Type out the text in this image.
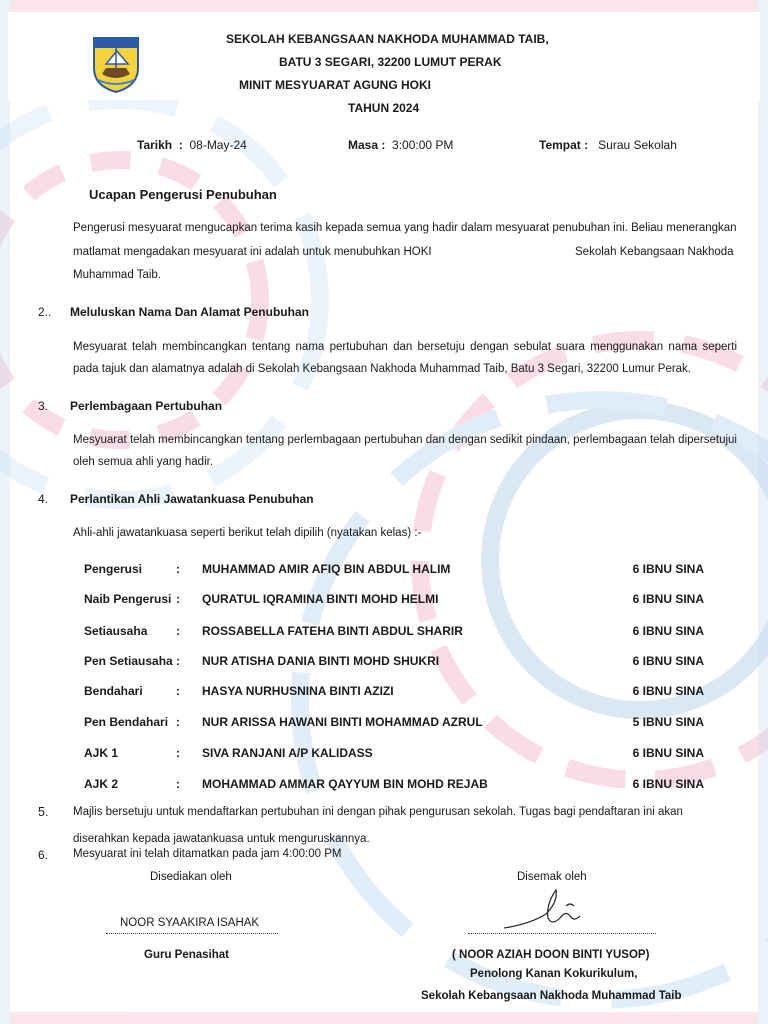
SEKOLAH KEBANGSAAN NAKHODA MUHAMMAD TAIB,
BATU 3 SEGARI, 32200 LUMUT PERAK
MINIT MESYUARAT AGUNG HOKI
TAHUN 2024
Tarikh  :  08-May-24	Masa : 3:00:00 PM	Tempat : Surau Sekolah
Ucapan Pengerusi Penubuhan
Pengerusi mesyuarat mengucapkan terima kasih kepada semua yang hadir dalam mesyuarat penubuhan ini. Beliau menerangkan
matlamat mengadakan mesyuarat ini adalah untuk menubuhkan HOKI	Sekolah Kebangsaan Nakhoda
Muhammad Taib.
2.. Meluluskan Nama Dan Alamat Penubuhan
Mesyuarat telah membincangkan tentang nama pertubuhan dan bersetuju dengan sebulat suara menggunakan nama seperti pada tajuk dan alamatnya adalah di Sekolah Kebangsaan Nakhoda Muhammad Taib, Batu 3 Segari, 32200 Lumur Perak.
3. Perlembagaan Pertubuhan
Mesyuarat telah membincangkan tentang perlembagaan pertubuhan dan dengan sedikit pindaan, perlembagaan telah dipersetujui oleh semua ahli yang hadir.
4. Perlantikan Ahli Jawatankuasa Penubuhan
Ahli-ahli jawatankuasa seperti berikut telah dipilih (nyatakan kelas) :-
Pengerusi	: MUHAMMAD AMIR AFIQ BIN ABDUL HALIM	6 IBNU SINA
Naib Pengerusi : QURATUL IQRAMINA BINTI MOHD HELMI	6 IBNU SINA
Setiausaha : ROSSABELLA FATEHA BINTI ABDUL SHARIR	6 IBNU SINA
Pen Setiausaha : NUR ATISHA DANIA BINTI MOHD SHUKRI	6 IBNU SINA
Bendahari	: HASYA NURHUSNINA BINTI AZIZI	6 IBNU SINA
Pen Bendahari : NUR ARISSA HAWANI BINTI MOHAMMAD AZRUL	5 IBNU SINA
AJK 1	: SIVA RANJANI A/P KALIDASS	6 IBNU SINA
AJK 2	: MOHAMMAD AMMAR QAYYUM BIN MOHD REJAB	6 IBNU SINA
5. Majlis bersetuju untuk mendaftarkan pertubuhan ini dengan pihak pengurusan sekolah. Tugas bagi pendaftaran ini akan
diserahkan kepada jawatankuasa untuk menguruskannya.
6. Mesyuarat ini telah ditamatkan pada jam 4:00:00 PM
Disediakan oleh
NOOR SYAAKIRA ISAHAK
Guru Penasihat
Disemak oleh
( NOOR AZIAH DOON BINTI YUSOP)
Penolong Kanan Kokurikulum,
Sekolah Kebangsaan Nakhoda Muhammad Taib
